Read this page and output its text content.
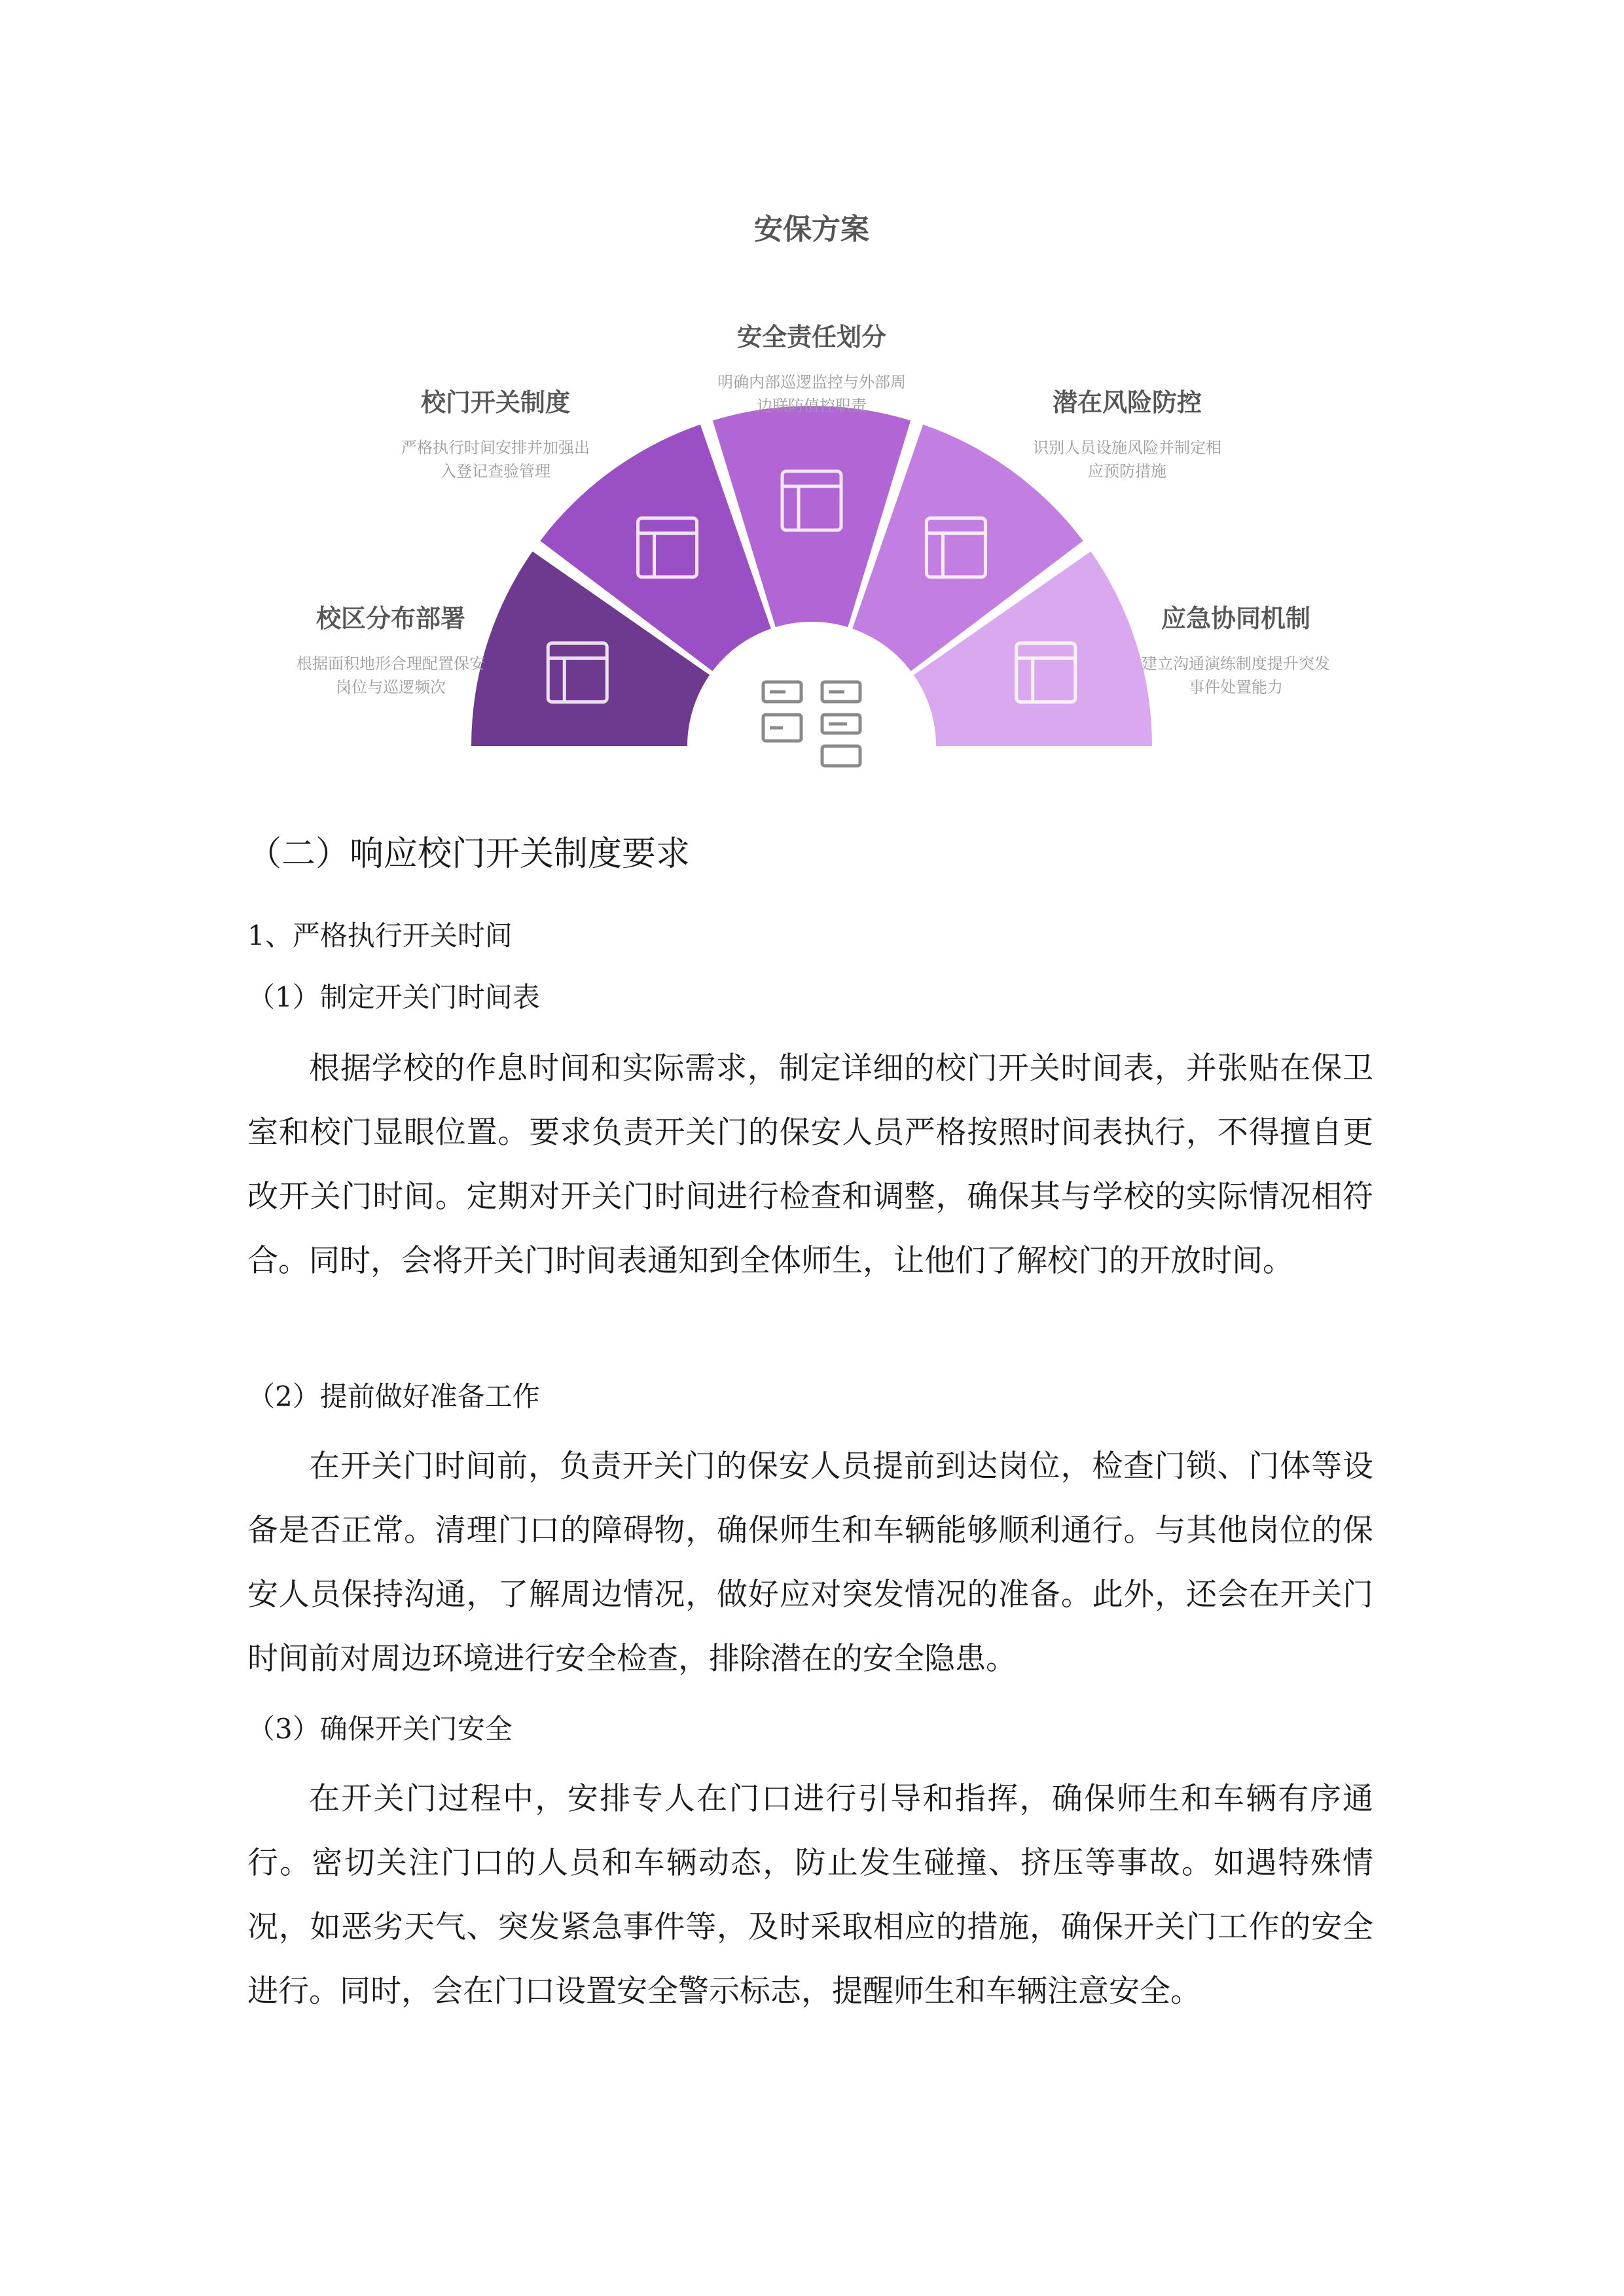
安保方案
校区分布部署
根据面积地形合理配置保安
岗位与巡逻频次
校门开关制度
严格执行时间安排并加强出
入登记查验管理
安全责任划分
明确内部巡逻监控与外部周
边联防值控职责	潜在风险防控
识别人员设施风险并制定相
应预防措施
应急协同机制
建立沟通演练制度提升突发
事件处置能力
（二）响应校门开关制度要求
1、严格执行开关时间
（1）制定开关门时间表

根据学校的作息时间和实际需求，制定详细的校门开关时间表，并张贴在保卫室和校门显眼位置。要求负责开关门的保安人员严格按照时间表执行，不得擅自更改开关门时间。定期对开关门时间进行检查和调整，确保其与学校的实际情况相符合。同时，会将开关门时间表通知到全体师生，让他们了解校门的开放时间。

（2）提前做好准备工作

在开关门时间前，负责开关门的保安人员提前到达岗位，检查门锁、门体等设备是否正常。清理门口的障碍物，确保师生和车辆能够顺利通行。与其他岗位的保安人员保持沟通，了解周边情况，做好应对突发情况的准备。此外，还会在开关门时间前对周边环境进行安全检查，排除潜在的安全隐患。

（3）确保开关门安全

在开关门过程中，安排专人在门口进行引导和指挥，确保师生和车辆有序通行。密切关注门口的人员和车辆动态，防止发生碰撞、挤压等事故。如遇特殊情况，如恶劣天气、突发紧急事件等，及时采取相应的措施，确保开关门工作的安全进行。同时，会在门口设置安全警示标志，提醒师生和车辆注意安全。
